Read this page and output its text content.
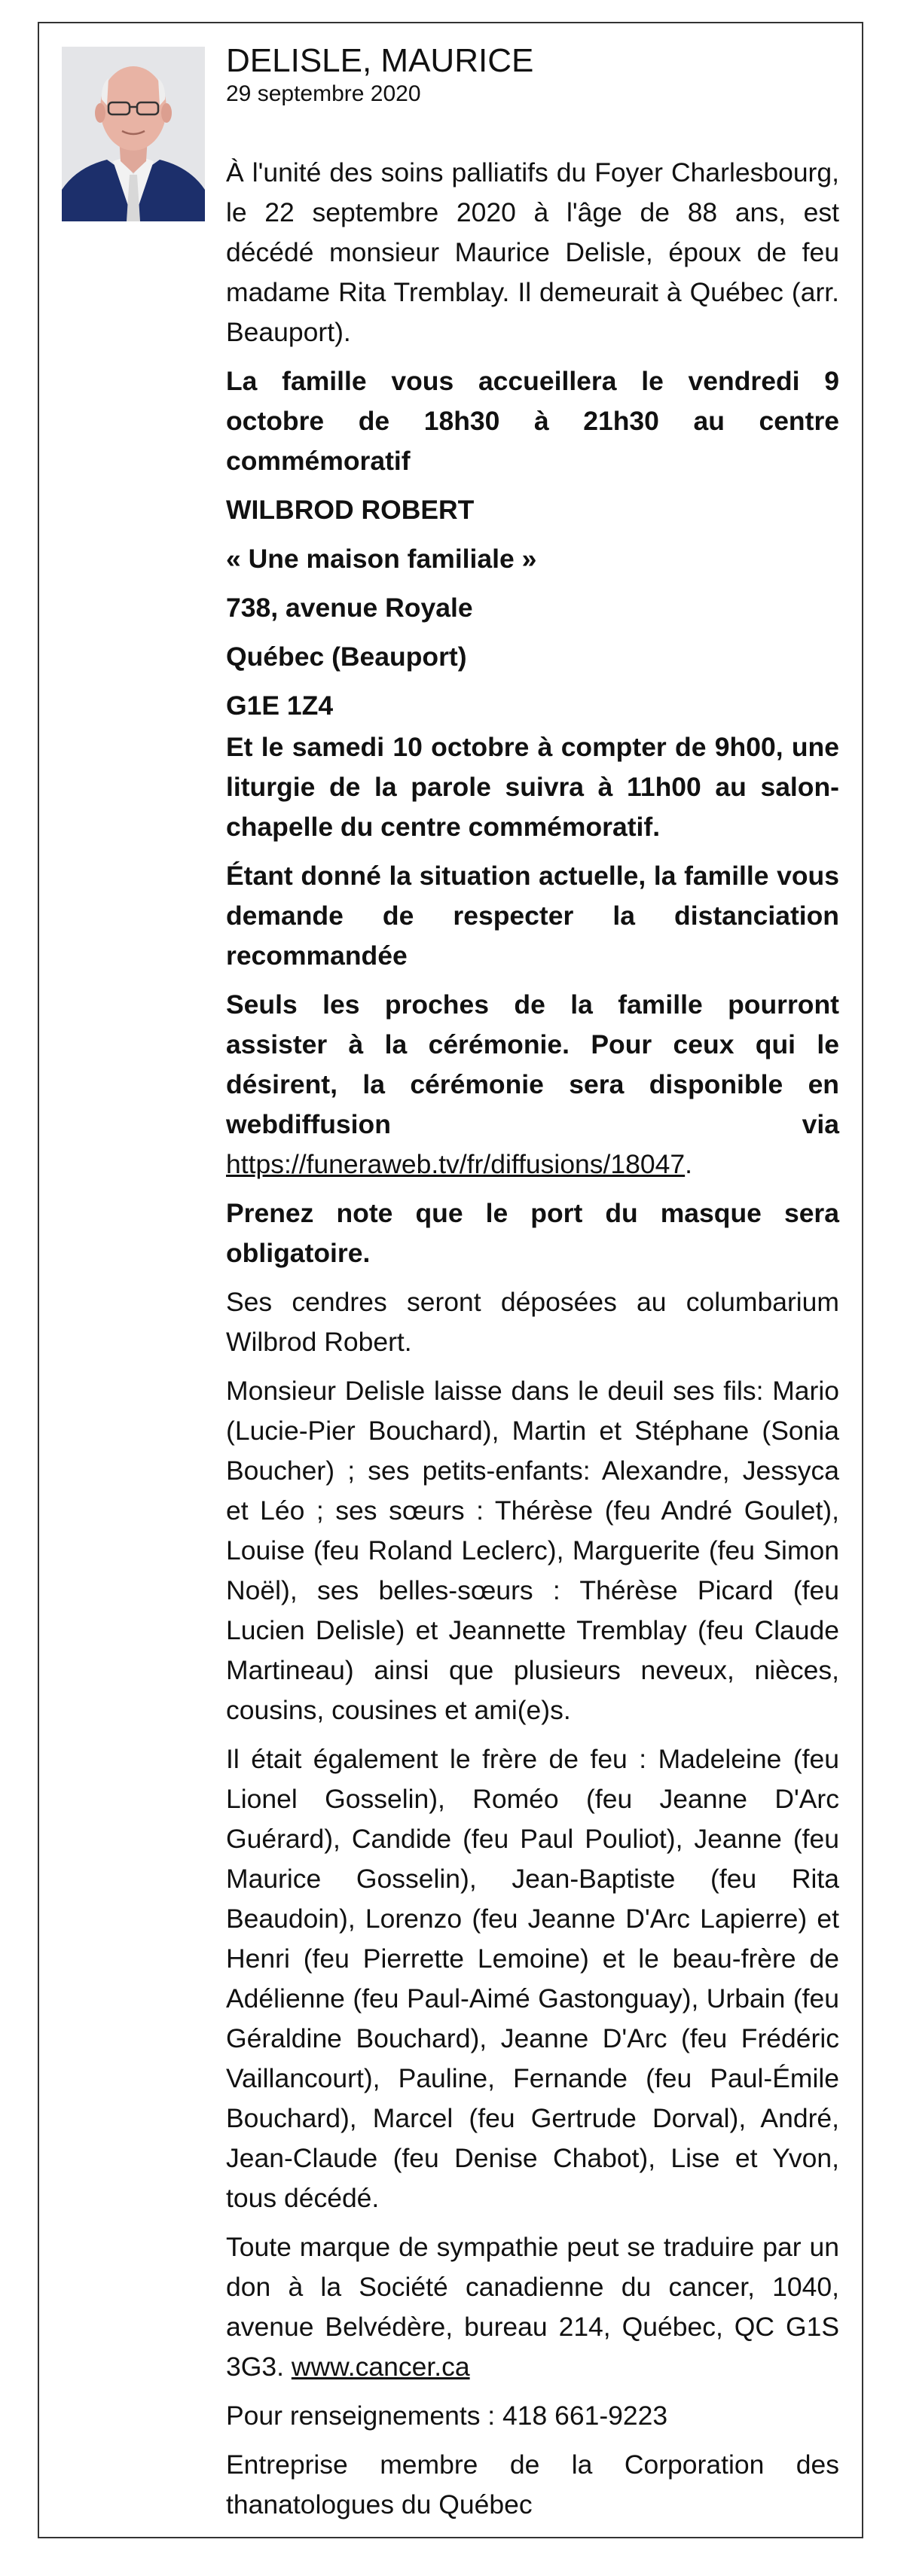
DELISLE, MAURICE
29 septembre 2020

À l'unité des soins palliatifs du Foyer Charlesbourg, le 22 septembre 2020 à l'âge de 88 ans, est décédé monsieur Maurice Delisle, époux de feu madame Rita Tremblay. Il demeurait à Québec (arr. Beauport).

La famille vous accueillera le vendredi 9 octobre de 18h30 à 21h30 au centre commémoratif

WILBROD ROBERT

« Une maison familiale »

738, avenue Royale

Québec (Beauport)

G1E 1Z4

Et le samedi 10 octobre à compter de 9h00, une liturgie de la parole suivra à 11h00 au salon-chapelle du centre commémoratif.

Étant donné la situation actuelle, la famille vous demande de respecter la distanciation recommandée

Seuls les proches de la famille pourront assister à la cérémonie. Pour ceux qui le désirent, la cérémonie sera disponible en webdiffusion via https://funeraweb.tv/fr/diffusions/18047.

Prenez note que le port du masque sera obligatoire.

Ses cendres seront déposées au columbarium Wilbrod Robert.

Monsieur Delisle laisse dans le deuil ses fils: Mario (Lucie-Pier Bouchard), Martin et Stéphane (Sonia Boucher) ; ses petits-enfants: Alexandre, Jessyca et Léo ; ses sœurs : Thérèse (feu André Goulet), Louise (feu Roland Leclerc), Marguerite (feu Simon Noël), ses belles-sœurs : Thérèse Picard (feu Lucien Delisle) et Jeannette Tremblay (feu Claude Martineau) ainsi que plusieurs neveux, nièces, cousins, cousines et ami(e)s.

Il était également le frère de feu : Madeleine (feu Lionel Gosselin), Roméo (feu Jeanne D'Arc Guérard), Candide (feu Paul Pouliot), Jeanne (feu Maurice Gosselin), Jean-Baptiste (feu Rita Beaudoin), Lorenzo (feu Jeanne D'Arc Lapierre) et Henri (feu Pierrette Lemoine) et le beau-frère de Adélienne (feu Paul-Aimé Gastonguay), Urbain (feu Géraldine Bouchard), Jeanne D'Arc (feu Frédéric Vaillancourt), Pauline, Fernande (feu Paul-Émile Bouchard), Marcel (feu Gertrude Dorval), André, Jean-Claude (feu Denise Chabot), Lise et Yvon, tous décédé.

Toute marque de sympathie peut se traduire par un don à la Société canadienne du cancer, 1040, avenue Belvédère, bureau 214, Québec, QC G1S 3G3. www.cancer.ca

Pour renseignements : 418 661-9223

Entreprise membre de la Corporation des thanatologues du Québec
